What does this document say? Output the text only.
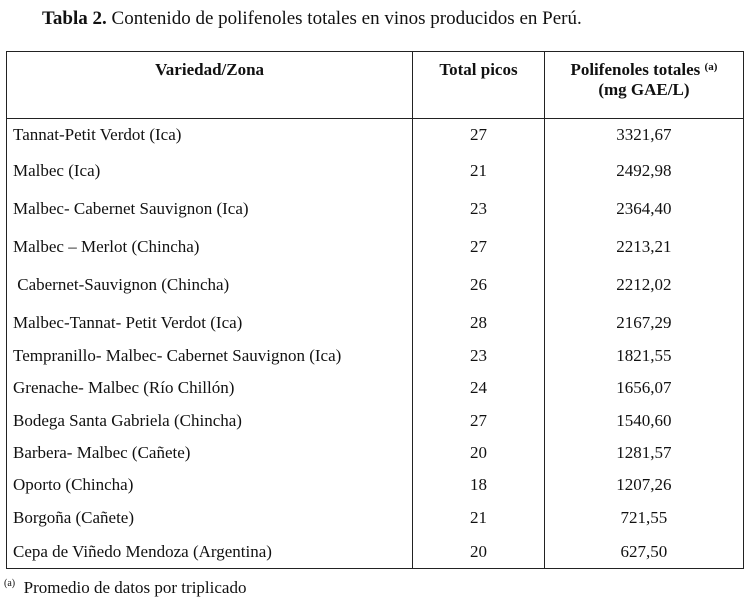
Tabla 2. Contenido de polifenoles totales en vinos producidos en Perú.
Variedad/Zona	Total picos	Polifenoles totales $^{(a)}$
(mg GAE/L)
Tannat-Petit Verdot (Ica)	27	3321,67
Malbec (Ica)	21	2492,98
Malbec- Cabernet Sauvignon (Ica)	23	2364,40
Malbec – Merlot (Chincha)	27	2213,21
Cabernet-Sauvignon (Chincha)	26	2212,02
Malbec-Tannat- Petit Verdot (Ica)	28	2167,29
Tempranillo- Malbec- Cabernet Sauvignon (Ica)	23	1821,55
Grenache- Malbec (Río Chillón)	24	1656,07
Bodega Santa Gabriela (Chincha)	27	1540,60
Barbera- Malbec (Cañete)	20	1281,57
Oporto (Chincha)	18	1207,26
Borgoña (Cañete)	21	721,55
Cepa de Viñedo Mendoza (Argentina)	20	627,50
$^{(a)}$ Promedio de datos por triplicado
